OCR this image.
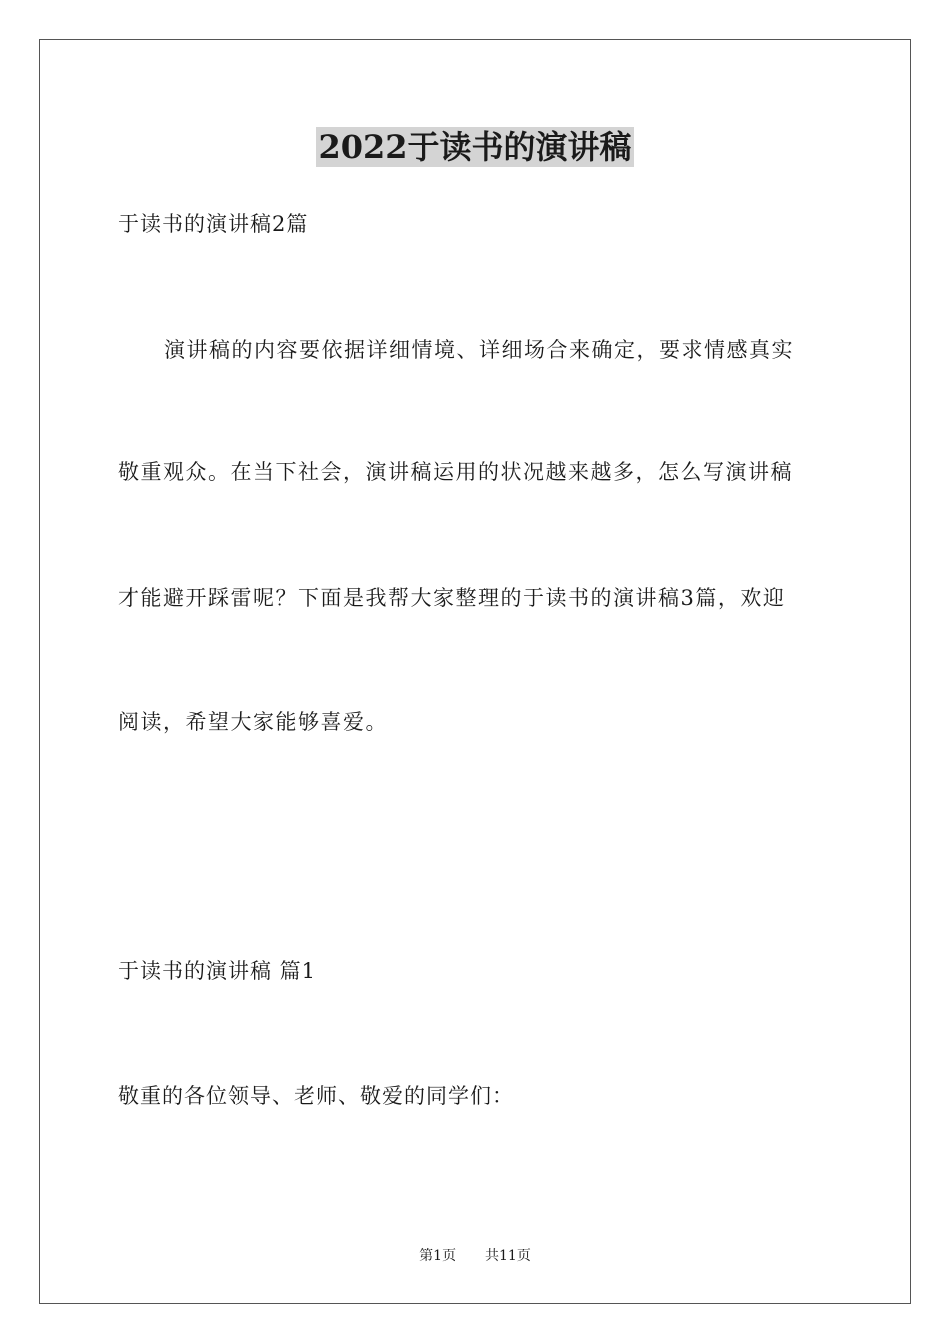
2022于读书的演讲稿
于读书的演讲稿2篇
演讲稿的内容要依据详细情境、详细场合来确定，要求情感真实
敬重观众。在当下社会，演讲稿运用的状况越来越多，怎么写演讲稿
才能避开踩雷呢？下面是我帮大家整理的于读书的演讲稿3篇，欢迎
阅读，希望大家能够喜爱。
于读书的演讲稿 篇1
敬重的各位领导、老师、敬爱的同学们：
第1页 共11页
